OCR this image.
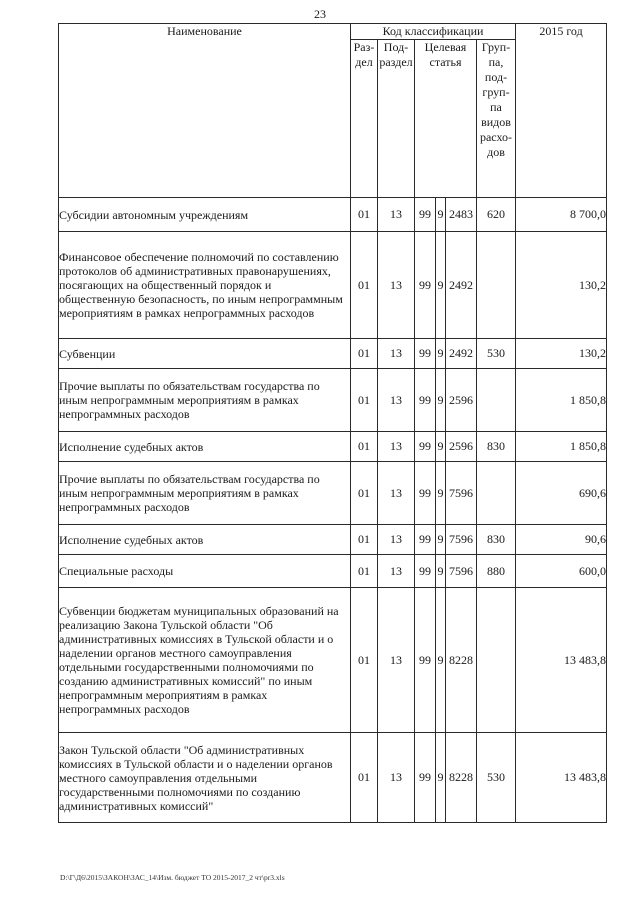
23
Наименование	Код классификации						2015 год
	Раз-дел	Под-раздел	Целевая статья			Груп-па, под-груп-па видов расхо-дов	
Субсидии автономным учреждениям	01	13	99	9	2483	620	8 700,0
Финансовое обеспечение полномочий по составлению протоколов об административных правонарушениях, посягающих на общественный порядок и общественную безопасность, по иным непрограммным мероприятиям в рамках непрограммных расходов	01	13	99	9	2492		130,2
Субвенции	01	13	99	9	2492	530	130,2
Прочие выплаты по обязательствам государства по иным непрограммным мероприятиям в рамках непрограммных расходов	01	13	99	9	2596		1 850,8
Исполнение судебных актов	01	13	99	9	2596	830	1 850,8
Прочие выплаты по обязательствам государства по иным непрограммным мероприятиям в рамках непрограммных расходов	01	13	99	9	7596		690,6
Исполнение судебных актов	01	13	99	9	7596	830	90,6
Специальные расходы	01	13	99	9	7596	880	600,0
Субвенции бюджетам муниципальных образований на реализацию Закона Тульской области "Об административных комиссиях в Тульской области и о наделении органов местного самоуправления отдельными государственными полномочиями по созданию административных комиссий" по иным непрограммным мероприятиям в рамках непрограммных расходов	01	13	99	9	8228		13 483,8
Закон Тульской области "Об административных комиссиях в Тульской области и о наделении органов местного самоуправления отдельными государственными полномочиями по созданию административных комиссий"	01	13	99	9	8228	530	13 483,8
D:\Г\Д6\2015\ЗАКОН\ЗАС_14\Изм. бюджет ТО 2015-2017_2 чт\pr3.xls
